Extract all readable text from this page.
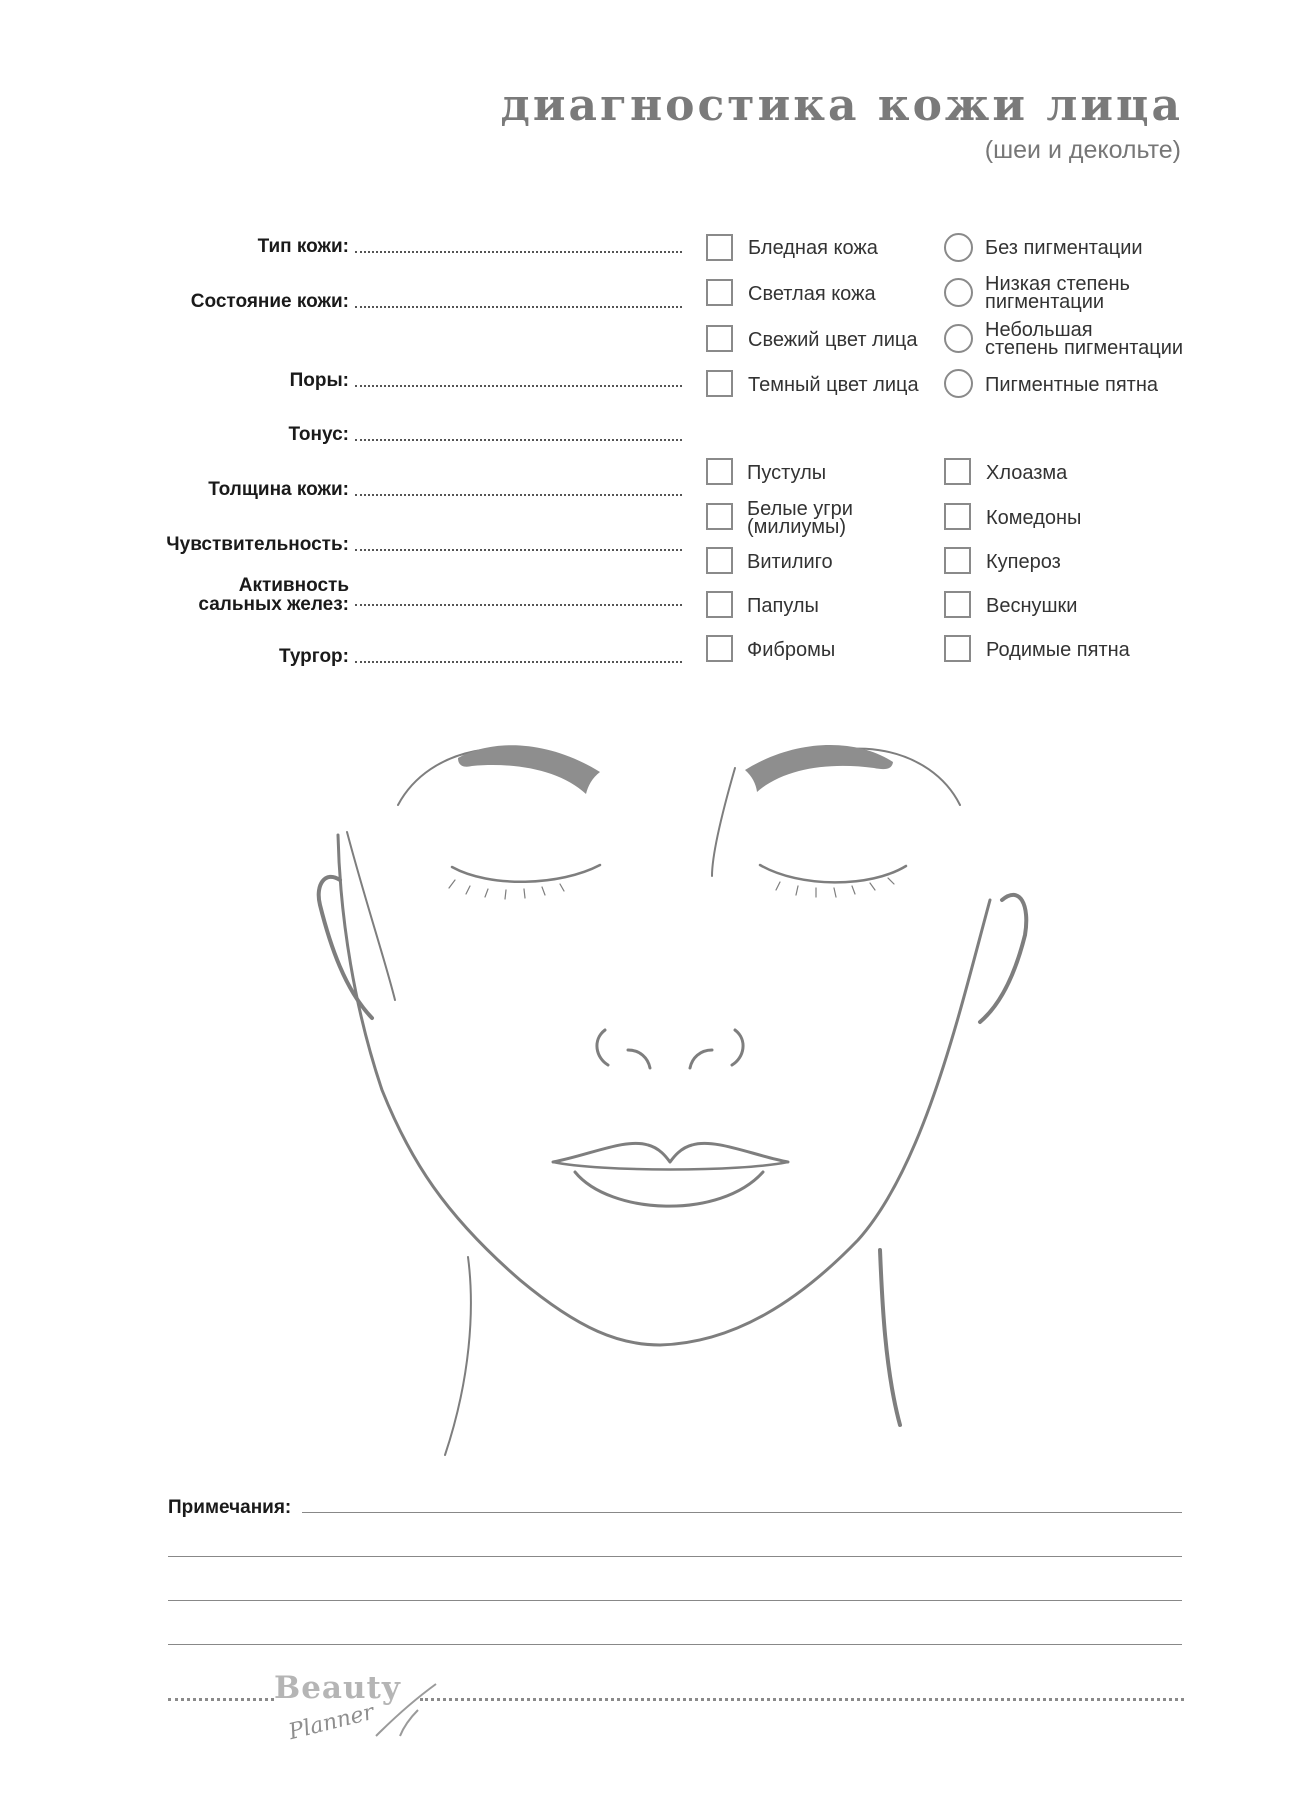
диагностика кожи лица
(шеи и декольте)
Тип кожи:
Состояние кожи:
Поры:
Тонус:
Толщина кожи:
Чувствительность:
Активность
сальных желез:
Тургор:
Бледная кожа
Светлая кожа
Свежий цвет лица
Темный цвет лица
Без пигментации
Низкая степень
пигментации
Небольшая
степень пигментации
Пигментные пятна
Пустулы
Белые угри
(милиумы)
Витилиго
Папулы
Фибромы
Хлоазма
Комедоны
Купероз
Веснушки
Родимые пятна
Примечания:
Beauty
Planner
